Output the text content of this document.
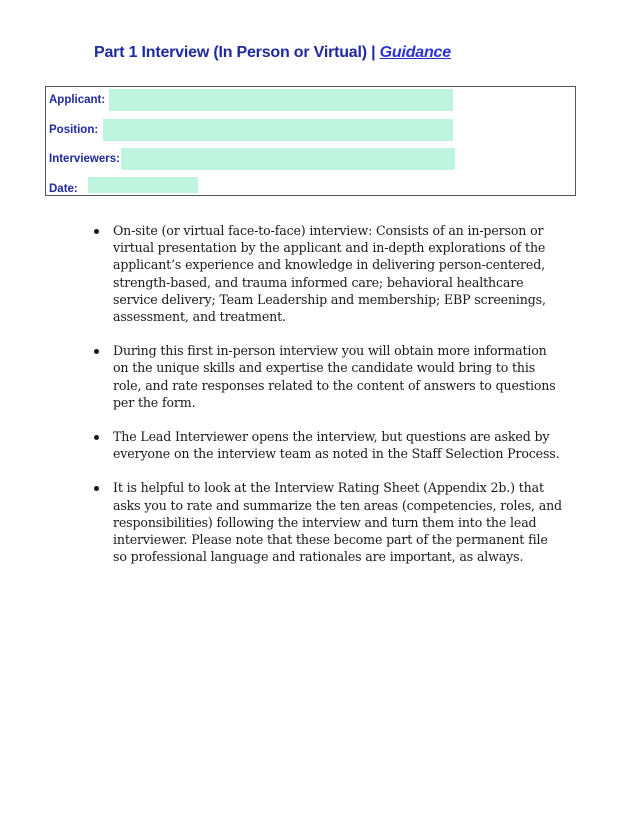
Part 1 Interview (In Person or Virtual) | Guidance
Applicant:
Position:
Interviewers:
Date:
On-site (or virtual face-to-face) interview: Consists of an in-person or virtual presentation by the applicant and in-depth explorations of the applicant’s experience and knowledge in delivering person-centered, strength-based, and trauma informed care; behavioral healthcare service delivery; Team Leadership and membership; EBP screenings, assessment, and treatment.
During this first in-person interview you will obtain more information on the unique skills and expertise the candidate would bring to this role, and rate responses related to the content of answers to questions per the form.
The Lead Interviewer opens the interview, but questions are asked by everyone on the interview team as noted in the Staff Selection Process.
It is helpful to look at the Interview Rating Sheet (Appendix 2b.) that asks you to rate and summarize the ten areas (competencies, roles, and responsibilities) following the interview and turn them into the lead interviewer. Please note that these become part of the permanent file so professional language and rationales are important, as always.
